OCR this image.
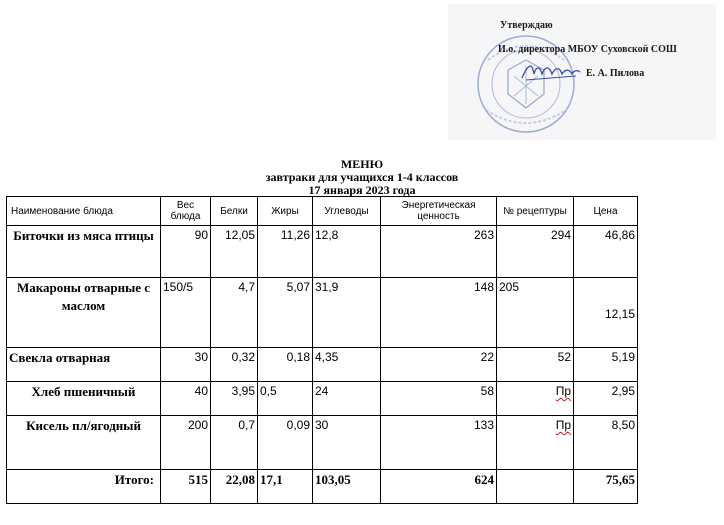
Утверждаю
И.о. директора МБОУ Суховской СОШ
Е. А. Пилова
МЕНЮ
завтраки для учащихся 1-4 классов
17 января 2023 года
Наименование блюда	Вес блюда	Белки	Жиры	Углеводы	Энергетическая ценность	№ рецептуры	Цена
Биточки из мяса птицы	90	12,05	11,26	12,8	263	294	46,86
Макароны отварные с маслом	150/5	4,7	5,07	31,9	148	205	12,15
Свекла отварная	30	0,32	0,18	4,35	22	52	5,19
Хлеб пшеничный	40	3,95	0,5	24	58	Пр	2,95
Кисель пл/ягодный	200	0,7	0,09	30	133	Пр	8,50
Итого:	515	22,08	17,1	103,05	624		75,65
